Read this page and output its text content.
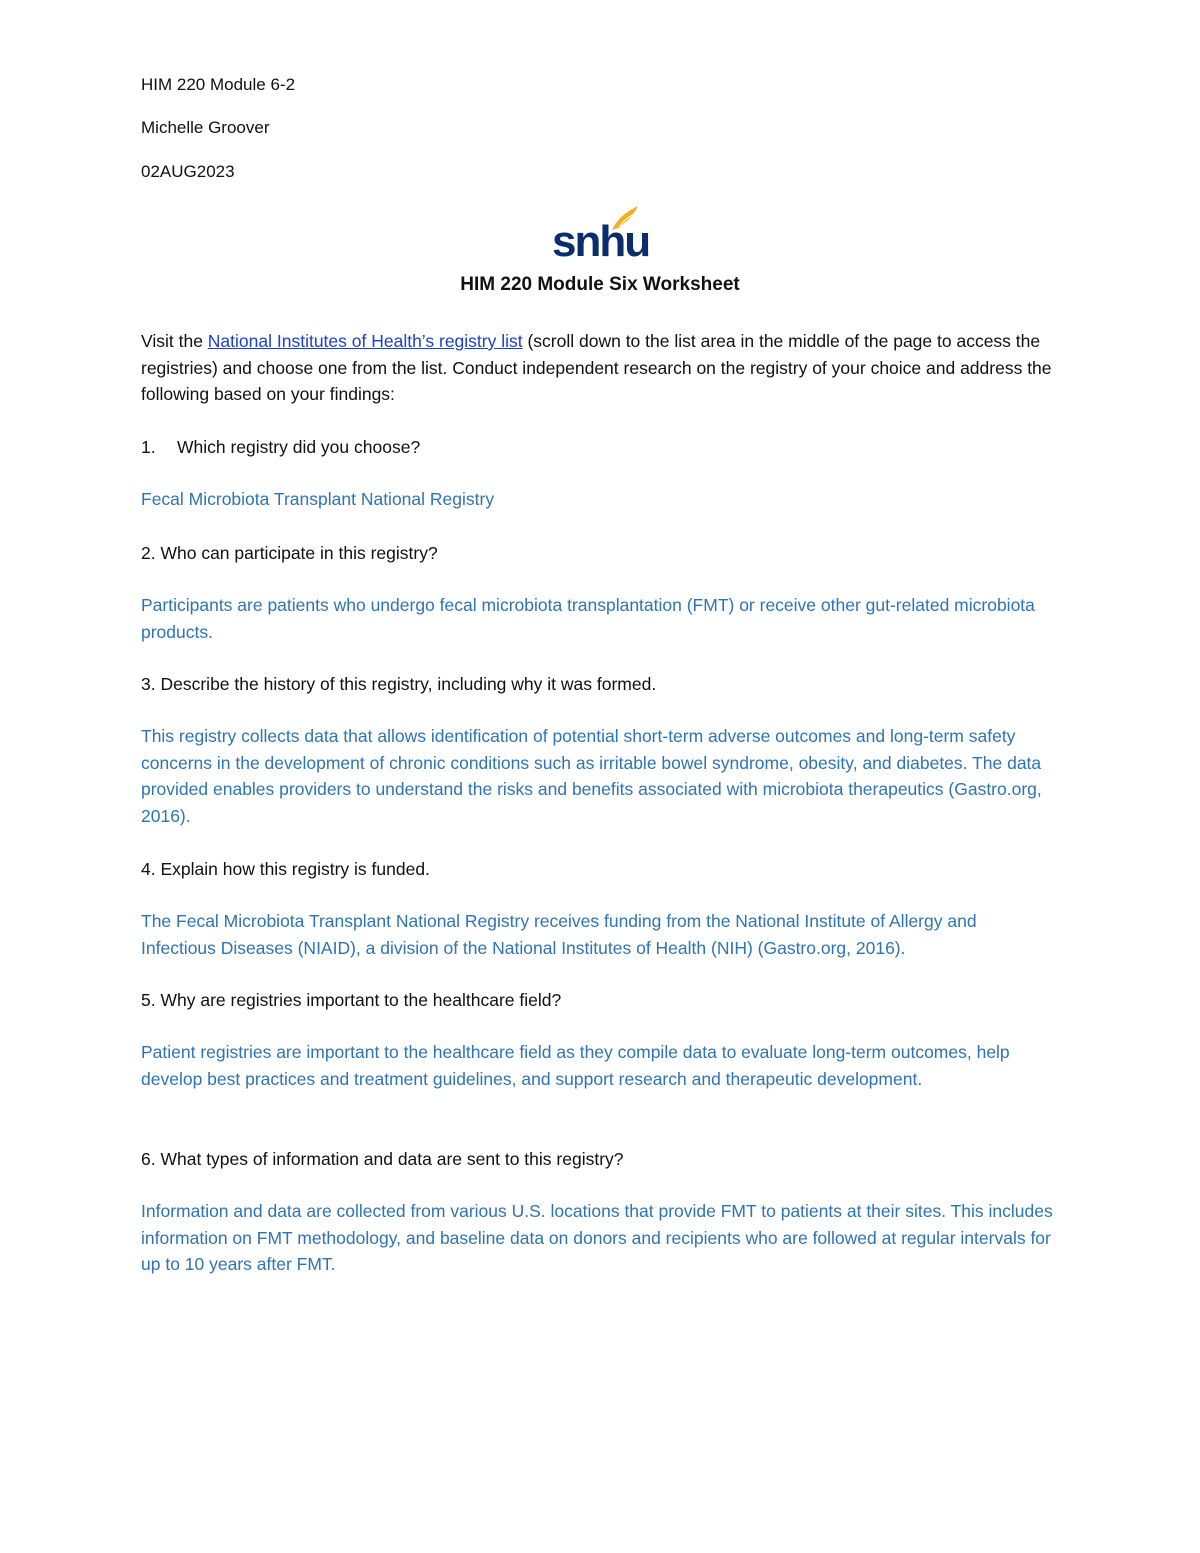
HIM 220 Module 6-2
Michelle Groover
02AUG2023
snhu
HIM 220 Module Six Worksheet
Visit the National Institutes of Health’s registry list (scroll down to the list area in the middle of the page to access the registries) and choose one from the list. Conduct independent research on the registry of your choice and address the following based on your findings:
1. Which registry did you choose?
Fecal Microbiota Transplant National Registry
2. Who can participate in this registry?
Participants are patients who undergo fecal microbiota transplantation (FMT) or receive other gut-related microbiota products.
3. Describe the history of this registry, including why it was formed.
This registry collects data that allows identification of potential short-term adverse outcomes and long-term safety concerns in the development of chronic conditions such as irritable bowel syndrome, obesity, and diabetes. The data provided enables providers to understand the risks and benefits associated with microbiota therapeutics (Gastro.org, 2016).
4. Explain how this registry is funded.
The Fecal Microbiota Transplant National Registry receives funding from the National Institute of Allergy and Infectious Diseases (NIAID), a division of the National Institutes of Health (NIH) (Gastro.org, 2016).
5. Why are registries important to the healthcare field?
Patient registries are important to the healthcare field as they compile data to evaluate long-term outcomes, help develop best practices and treatment guidelines, and support research and therapeutic development.
6. What types of information and data are sent to this registry?
Information and data are collected from various U.S. locations that provide FMT to patients at their sites. This includes information on FMT methodology, and baseline data on donors and recipients who are followed at regular intervals for up to 10 years after FMT.
